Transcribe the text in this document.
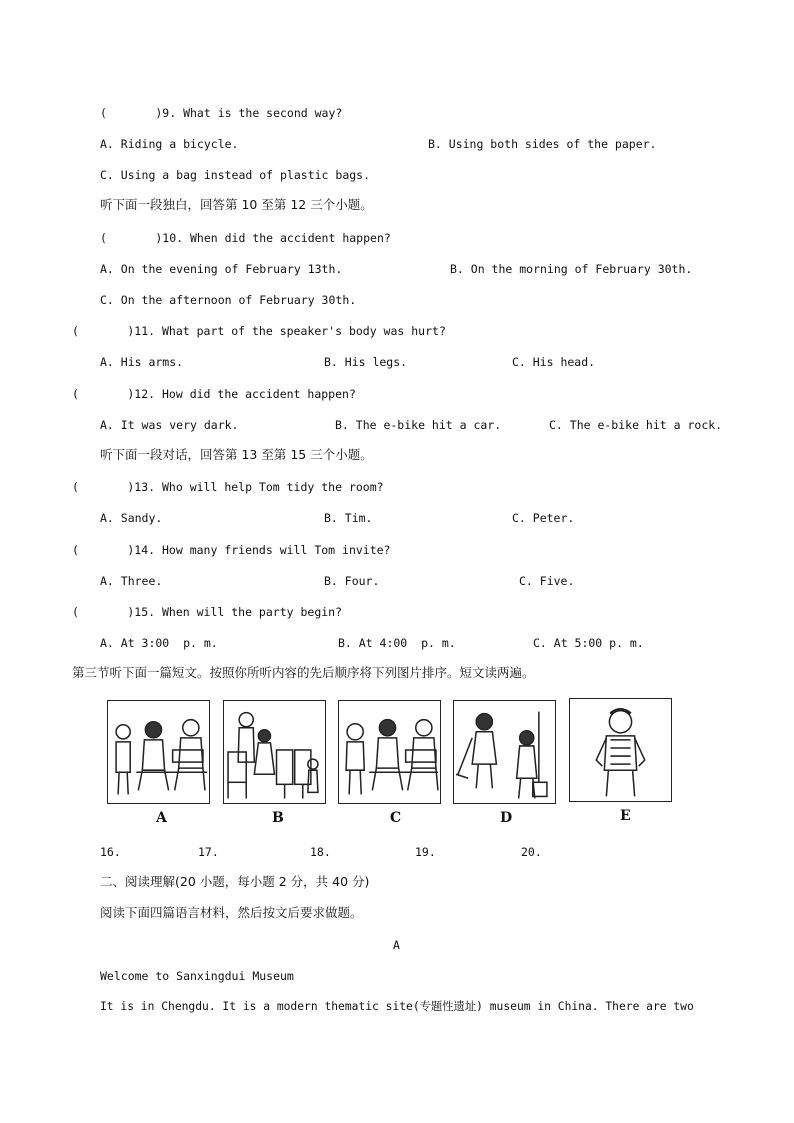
(       )9. What is the second way?
A. Riding a bicycle.	B. Using both sides of the paper.
C. Using a bag instead of plastic bags.
听下面一段独白，回答第 10 至第 12 三个小题。
(       )10. When did the accident happen?
A. On the evening of February 13th.	B. On the morning of February 30th.
C. On the afternoon of February 30th.
(       )11. What part of the speaker's body was hurt?
A. His arms.	B. His legs.	C. His head.
(       )12. How did the accident happen?
A. It was very dark.	B. The e-bike hit a car.	C. The e-bike hit a rock.
听下面一段对话，回答第 13 至第 15 三个小题。
(       )13. Who will help Tom tidy the room?
A. Sandy.	B. Tim.	C. Peter.
(       )14. How many friends will Tom invite?
A. Three.	B. Four.	C. Five.
(       )15. When will the party begin?
A. At 3:00  p. m.	B. At 4:00  p. m.	C. At 5:00 p. m.
第三节听下面一篇短文。按照你所听内容的先后顺序将下列图片排序。短文读两遍。
A	B	C	D	E
16.	17.	18.	19.	20.
二、阅读理解(20 小题，每小题 2 分，共 40 分)
阅读下面四篇语言材料，然后按文后要求做题。
A
Welcome to Sanxingdui Museum
It is in Chengdu. It is a modern thematic site(专题性遗址) museum in China. There are two
